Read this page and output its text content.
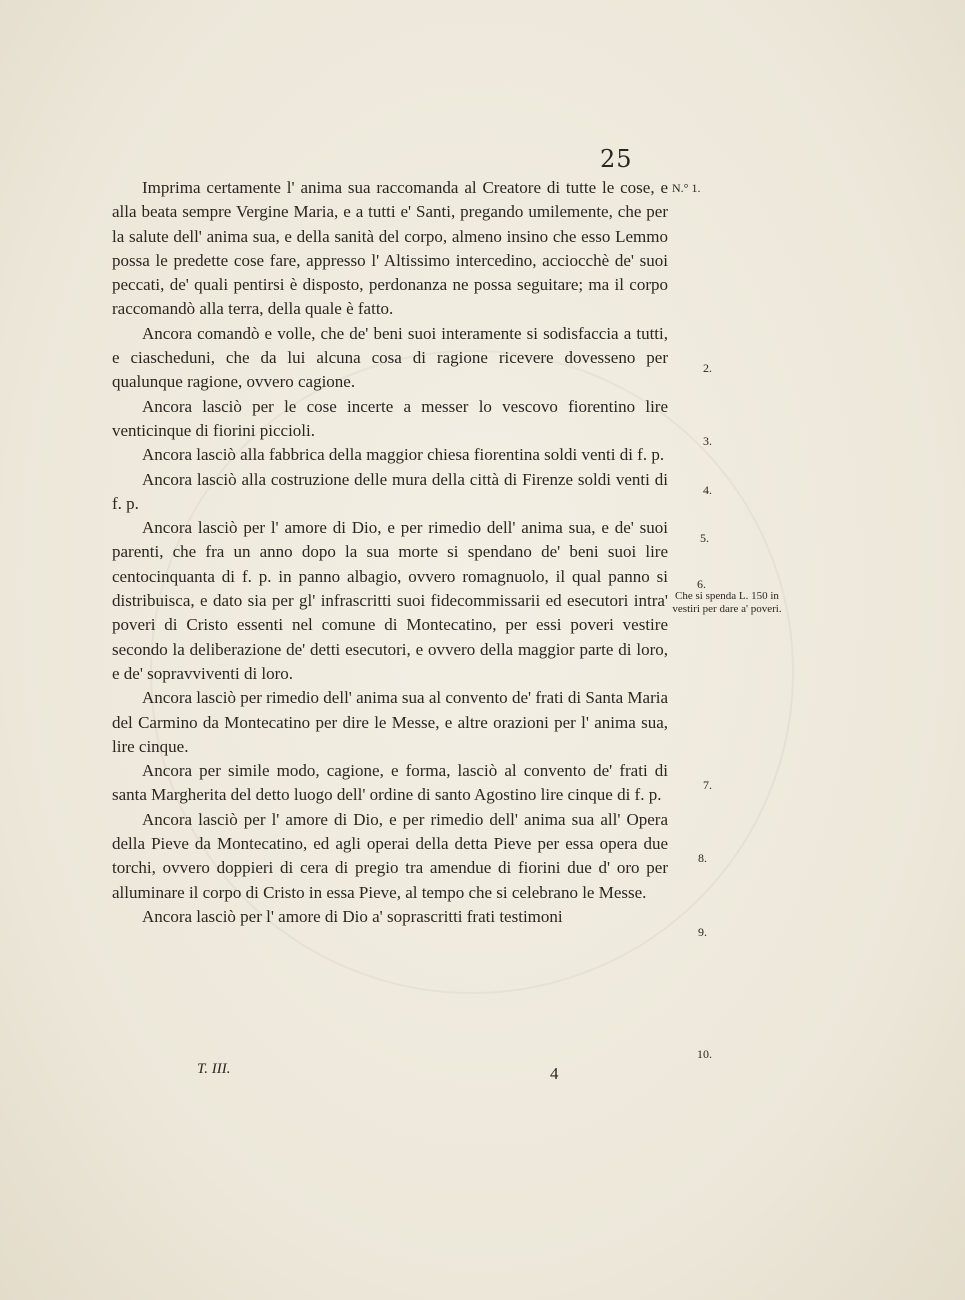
25

Imprima certamente l' anima sua raccomanda al Creatore di tutte le cose, e alla beata sempre Vergine Maria, e a tutti e' Santi, pregando umilemente, che per la salute dell' anima sua, e della sanità del corpo, almeno insino che esso Lemmo possa le predette cose fare, appresso l' Altissimo intercedino, acciocchè de' suoi peccati, de' quali pentirsi è disposto, perdonanza ne possa seguitare; ma il corpo raccomandò alla terra, della quale è fatto.

Ancora comandò e volle, che de' beni suoi interamente si sodisfaccia a tutti, e ciascheduni, che da lui alcuna cosa di ragione ricevere dovesseno per qualunque ragione, ovvero cagione.

Ancora lasciò per le cose incerte a messer lo vescovo fiorentino lire venticinque di fiorini piccioli.

Ancora lasciò alla fabbrica della maggior chiesa fiorentina soldi venti di f. p.

Ancora lasciò alla costruzione delle mura della città di Firenze soldi venti di f. p.

Ancora lasciò per l' amore di Dio, e per rimedio dell' anima sua, e de' suoi parenti, che fra un anno dopo la sua morte si spendano de' beni suoi lire centocinquanta di f. p. in panno albagio, ovvero romagnuolo, il qual panno si distribuisca, e dato sia per gl' infrascritti suoi fidecommissarii ed esecutori intra' poveri di Cristo essenti nel comune di Montecatino, per essi poveri vestire secondo la deliberazione de' detti esecutori, e ovvero della maggior parte di loro, e de' sopravviventi di loro.

Ancora lasciò per rimedio dell' anima sua al convento de' frati di Santa Maria del Carmino da Montecatino per dire le Messe, e altre orazioni per l' anima sua, lire cinque.

Ancora per simile modo, cagione, e forma, lasciò al convento de' frati di santa Margherita del detto luogo dell' ordine di santo Agostino lire cinque di f. p.

Ancora lasciò per l' amore di Dio, e per rimedio dell' anima sua all' Opera della Pieve da Montecatino, ed agli operai della detta Pieve per essa opera due torchi, ovvero doppieri di cera di pregio tra amendue di fiorini due d' oro per alluminare il corpo di Cristo in essa Pieve, al tempo che si celebrano le Messe.

Ancora lasciò per l' amore di Dio a' soprascritti frati testimoni

N.° 1.
2.
3.
4.
5.
6.
7.
8.
9.
10.
Che si spenda L. 150 in vestiri per dare a' poveri.
T. III.	4
